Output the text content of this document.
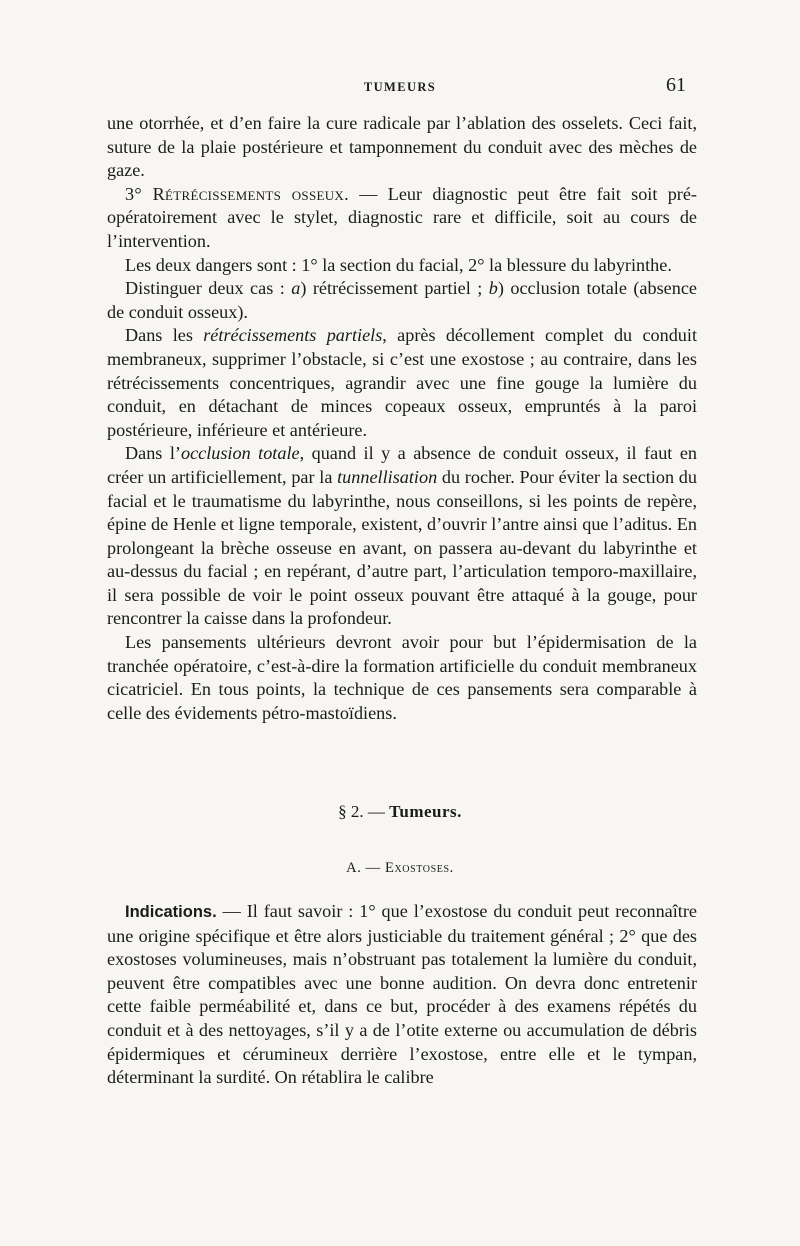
TUMEURS	61

une otorrhée, et d’en faire la cure radicale par l’ablation des osselets. Ceci fait, suture de la plaie postérieure et tamponnement du conduit avec des mèches de gaze.

3° Rétrécissements osseux. — Leur diagnostic peut être fait soit pré-opératoirement avec le stylet, diagnostic rare et difficile, soit au cours de l’intervention.

Les deux dangers sont : 1° la section du facial, 2° la blessure du labyrinthe.

Distinguer deux cas : a) rétrécissement partiel ; b) occlusion totale (absence de conduit osseux).

Dans les rétrécissements partiels, après décollement complet du conduit membraneux, supprimer l’obstacle, si c’est une exostose ; au contraire, dans les rétrécissements concentriques, agrandir avec une fine gouge la lumière du conduit, en détachant de minces copeaux osseux, empruntés à la paroi postérieure, inférieure et antérieure.

Dans l’occlusion totale, quand il y a absence de conduit osseux, il faut en créer un artificiellement, par la tunnellisation du rocher. Pour éviter la section du facial et le traumatisme du labyrinthe, nous conseillons, si les points de repère, épine de Henle et ligne temporale, existent, d’ouvrir l’antre ainsi que l’aditus. En prolongeant la brèche osseuse en avant, on passera au-devant du labyrinthe et au-dessus du facial ; en repérant, d’autre part, l’articulation temporo-maxillaire, il sera possible de voir le point osseux pouvant être attaqué à la gouge, pour rencontrer la caisse dans la profondeur.

Les pansements ultérieurs devront avoir pour but l’épidermisation de la tranchée opératoire, c’est-à-dire la formation artificielle du conduit membraneux cicatriciel. En tous points, la technique de ces pansements sera comparable à celle des évidements pétro-mastoïdiens.

§ 2. — Tumeurs.
A. — Exostoses.

Indications. — Il faut savoir : 1° que l’exostose du conduit peut reconnaître une origine spécifique et être alors justiciable du traitement général ; 2° que des exostoses volumineuses, mais n’obstruant pas totalement la lumière du conduit, peuvent être compatibles avec une bonne audition. On devra donc entretenir cette faible perméabilité et, dans ce but, procéder à des examens répétés du conduit et à des nettoyages, s’il y a de l’otite externe ou accumulation de débris épidermiques et cérumineux derrière l’exostose, entre elle et le tympan, déterminant la surdité. On rétablira le calibre
